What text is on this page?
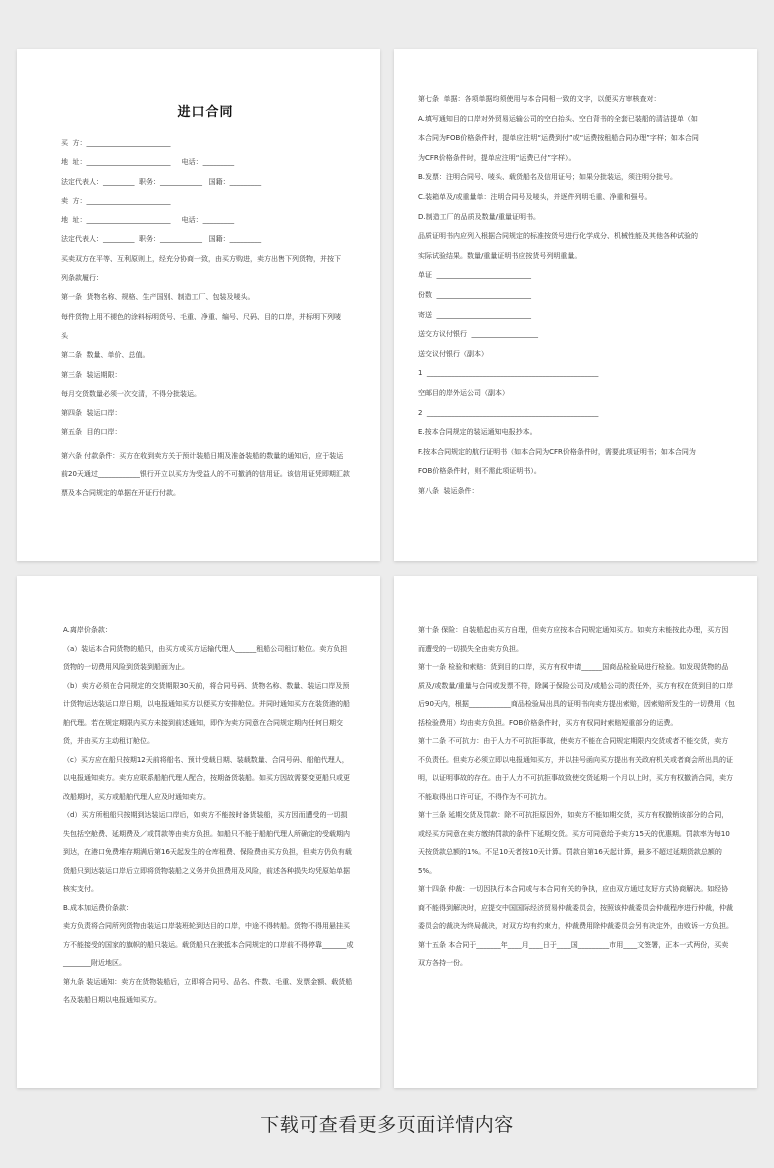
进口合同
买  方：________________________
地  址：________________________     电话：_________
法定代表人：_________  职务：____________   国籍：_________
卖  方：________________________
地  址：________________________     电话：_________
法定代表人：_________  职务：____________   国籍：_________
买卖双方在平等、互利原则上，经充分协商一致，由买方购进，卖方出售下列货物，并按下
列条款履行：
第一条  货物名称、规格、生产国别、制造工厂、包装及唛头。
每件货物上用不褪色的涂料标明货号、毛重、净重、编号、尺码、目的口岸，并标明下列唛
头
第二条  数量、单价、总值。
第三条  装运期限：
每月交货数量必须一次交清，不得分批装运。
第四条  装运口岸：
第五条  目的口岸：

第六条 付款条件：买方在收到卖方关于预计装船日期及准备装船的数量的通知后，应于装运前20天通过____________银行开立以买方为受益人的不可撤消的信用证。该信用证凭即期汇款票及本合同规定的单据在开证行付款。

第七条  单据：各项单据均须使用与本合同相一致的文字，以便买方审核查对：
A.填写通知目的口岸对外贸易运输公司的空白抬头、空白背书的全套已装船的清洁提单（如
本合同为FOB价格条件时，提单应注明“运费到付”或“运费按租船合同办理”字样；如本合同
为CFR价格条件时，提单应注明“运费已付”字样）。
B.发票：注明合同号、唛头、载货船名及信用证号；如果分批装运，须注明分批号。
C.装箱单及/或重量单：注明合同号及唛头，并逐件列明毛重、净重和强号。
D.制造工厂的品质及数量/重量证明书。
品质证明书内应列入根据合同规定的标准按货号进行化学成分、机械性能及其他各种试验的
实际试验结果。数量/重量证明书应按货号列明重量。
单证  ___________________________
份数  ___________________________
寄送  ___________________________
送交方议付银行  ___________________
送交议付银行（副本）
1  _________________________________________________
空邮目的岸外运公司（副本）
2  _________________________________________________
E.按本合同规定的装运通知电报抄本。
F.按本合同规定的航行证明书（如本合同为CFR价格条件时，需要此项证明书；如本合同为
FOB价格条件时，则不需此项证明书）。
第八条  装运条件：

A.离岸价条款：

（a）装运本合同货物的船只，由买方或买方运输代理人______租船公司租订舱位。卖方负担货物的一切费用风险到货装到船面为止。

（b）卖方必须在合同规定的交货期限30天前，将合同号码、货物名称、数量、装运口岸及预计货物运达装运口岸日期，以电报通知买方以便买方安排舱位。并同时通知买方在装货港的船舶代理。若在规定期限内买方未接到前述通知，即作为卖方同意在合同规定期内任何日期交货，并由买方主动租订舱位。

（c）买方应在船只按期12天前将船名、预计受载日期、装载数量、合同号码、船舶代理人，以电报通知卖方。卖方应联系船舶代理人配合，按期备货装船。如买方因故需要变更船只或更改船期时，买方或船舶代理人应及时通知卖方。

（d）买方所租船只按期到达装运口岸后，如卖方不能按时备货装船，买方因而遭受的一切损失包括空舱费、延期费及／或罚款等由卖方负担。如船只不能于船舶代理人所确定的受载期内到达，在港口免费堆存期满后第16天起发生的仓库租费、保险费由买方负担，但卖方仍负有载货船只到达装运口岸后立即将货物装船之义务并负担费用及风险，前述各种损失均凭原始单据核实支付。

B.成本加运费价条款：

卖方负责将合同所列货物由装运口岸装班轮到达目的口岸，中途不得转船。货物不得用悬挂买方不能接受的国家的旗帜的船只装运。载货船只在驶抵本合同规定的口岸前不得停靠_______或________附近地区。

第九条 装运通知：卖方在货物装船后，立即将合同号、品名、件数、毛重、发票金额、载货船名及装船日期以电报通知买方。

第十条 保险：自装船起由买方自理，但卖方应按本合同规定通知买方。如卖方未能按此办理，买方因而遭受的一切损失全由卖方负担。

第十一条 检验和索赔：货到目的口岸，买方有权申请______国商品检验局进行检验。如发现货物的品质及/或数量/重量与合同或发票不符，除属于保险公司及/或船公司的责任外，买方有权在货到目的口岸后90天内，根据____________商品检验局出具的证明书向卖方提出索赔，因索赔所发生的一切费用（包括检验费用）均由卖方负担。FOB价格条件时，买方有权同时索赔短重部分的运费。

第十二条 不可抗力：由于人力不可抗拒事故，使卖方不能在合同规定期限内交货或者不能交货，卖方不负责任。但卖方必须立即以电报通知买方，并以挂号函向买方提出有关政府机关或者商会所出具的证明，以证明事故的存在。由于人力不可抗拒事故致使交货延期一个月以上时，买方有权撤消合同，卖方不能取得出口许可证，不得作为不可抗力。

第十三条 延期交货及罚款：除不可抗拒原因外，如卖方不能如期交货，买方有权撤销该部分的合同，或经买方同意在卖方缴纳罚款的条件下延期交货。买方可同意给予卖方15天的优惠期。罚款率为每10天按货款总额的1%。不足10天者按10天计算。罚款自第16天起计算，最多不超过延期货款总额的5%。

第十四条 仲裁：一切因执行本合同或与本合同有关的争执，应由双方通过友好方式协商解决。如经协商不能得到解决时，应提交中国国际经济贸易仲裁委员会，按照该仲裁委员会仲裁程序进行仲裁，仲裁委员会的裁决为终局裁决，对双方均有约束力，仲裁费用除仲裁委员会另有决定外，由败诉一方负担。

第十五条 本合同于_______年____月____日于____国_________市用____文签署，正本一式两份，买卖双方各持一份。

下载可查看更多页面详情内容
